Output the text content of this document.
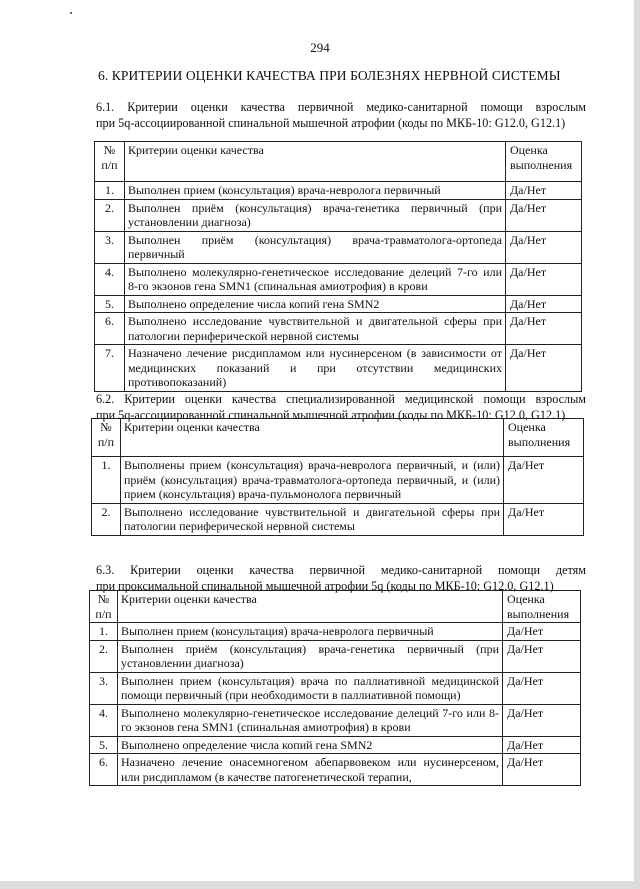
294
6. КРИТЕРИИ ОЦЕНКИ КАЧЕСТВА ПРИ БОЛЕЗНЯХ НЕРВНОЙ СИСТЕМЫ
6.1. Критерии оценки качества первичной медико-санитарной помощи взрослым
при 5q-ассоциированной спинальной мышечной атрофии (коды по МКБ-10: G12.0, G12.1)
№ п/п	Критерии оценки качества	Оценка выполнения
1.	Выполнен прием (консультация) врача-невролога первичный	Да/Нет
2.	Выполнен приём (консультация) врача-генетика первичный (при установлении диагноза)	Да/Нет
3.	Выполнен приём (консультация) врача-травматолога-ортопеда первичный	Да/Нет
4.	Выполнено молекулярно-генетическое исследование делеций 7-го или 8-го экзонов гена SMN1 (спинальная амиотрофия) в крови	Да/Нет
5.	Выполнено определение числа копий гена SMN2	Да/Нет
6.	Выполнено исследование чувствительной и двигательной сферы при патологии периферической нервной системы	Да/Нет
7.	Назначено лечение рисдипламом или нусинерсеном (в зависимости от медицинских показаний и при отсутствии медицинских противопоказаний)	Да/Нет
6.2. Критерии оценки качества специализированной медицинской помощи взрослым
при 5q-ассоциированной спинальной мышечной атрофии (коды по МКБ-10: G12.0, G12.1)
№ п/п	Критерии оценки качества	Оценка выполнения
1.	Выполнены прием (консультация) врача-невролога первичный, и (или) приём (консультация) врача-травматолога-ортопеда первичный, и (или) прием (консультация) врача-пульмонолога первичный	Да/Нет
2.	Выполнено исследование чувствительной и двигательной сферы при патологии периферической нервной системы	Да/Нет
6.3. Критерии оценки качества первичной медико-санитарной помощи детям
при проксимальной спинальной мышечной атрофии 5q (коды по МКБ-10: G12.0, G12.1)
№ п/п	Критерии оценки качества	Оценка выполнения
1.	Выполнен прием (консультация) врача-невролога первичный	Да/Нет
2.	Выполнен приём (консультация) врача-генетика первичный (при установлении диагноза)	Да/Нет
3.	Выполнен прием (консультация) врача по паллиативной медицинской помощи первичный (при необходимости в паллиативной помощи)	Да/Нет
4.	Выполнено молекулярно-генетическое исследование делеций 7-го или 8-го экзонов гена SMN1 (спинальная амиотрофия) в крови	Да/Нет
5.	Выполнено определение числа копий гена SMN2	Да/Нет
6.	Назначено лечение онасемногеном абепарвовеком или нусинерсеном, или рисдипламом (в качестве патогенетической терапии,	Да/Нет
